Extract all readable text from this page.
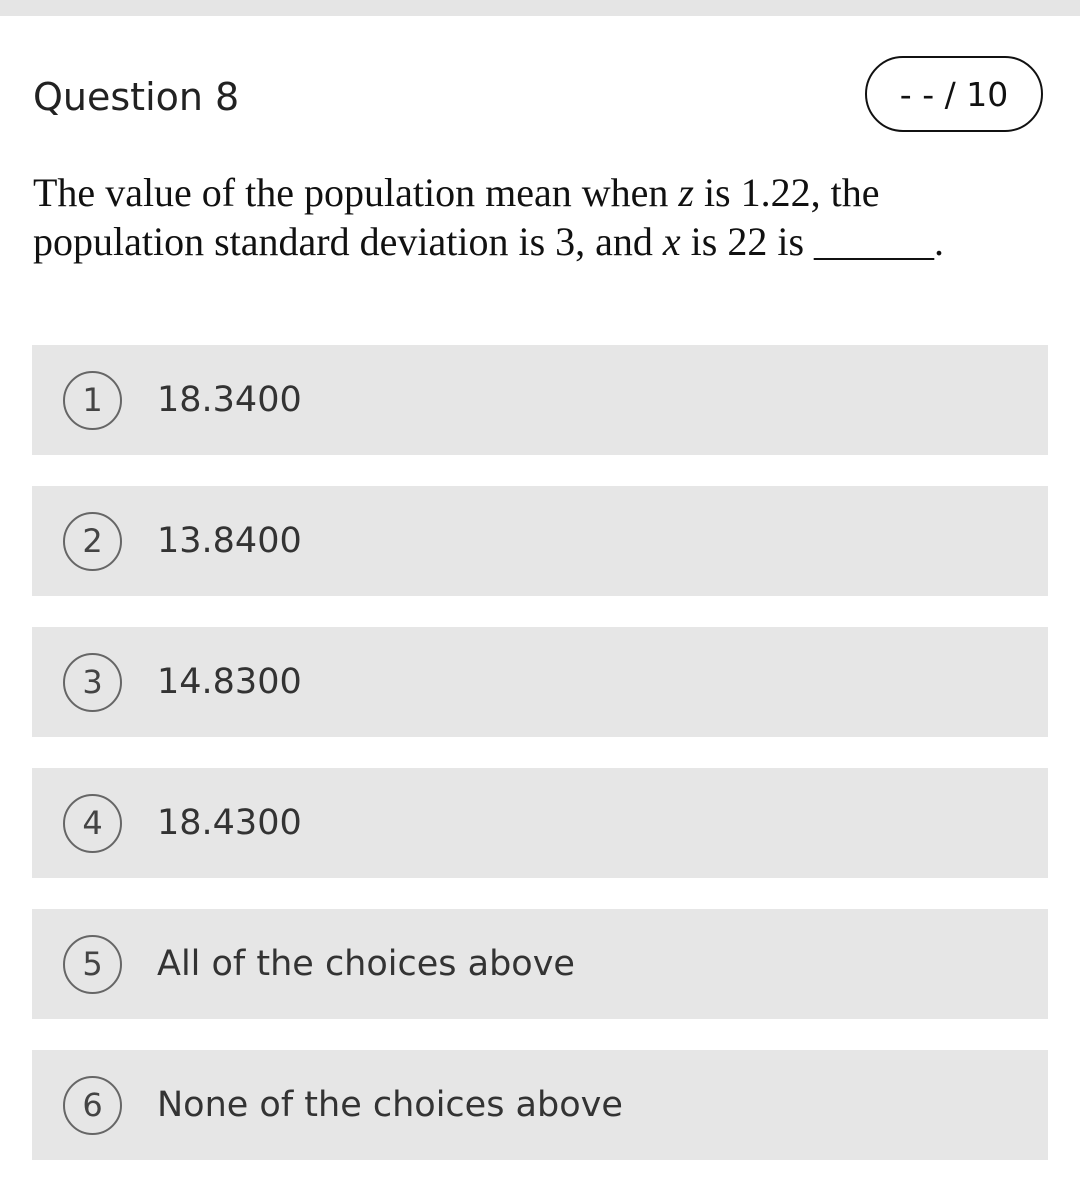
Question 8	- - / 10

The value of the population mean when z is 1.22, the population standard deviation is 3, and x is 22 is ______.

1	18.3400
2	13.8400
3	14.8300
4	18.4300
5	All of the choices above
6	None of the choices above
